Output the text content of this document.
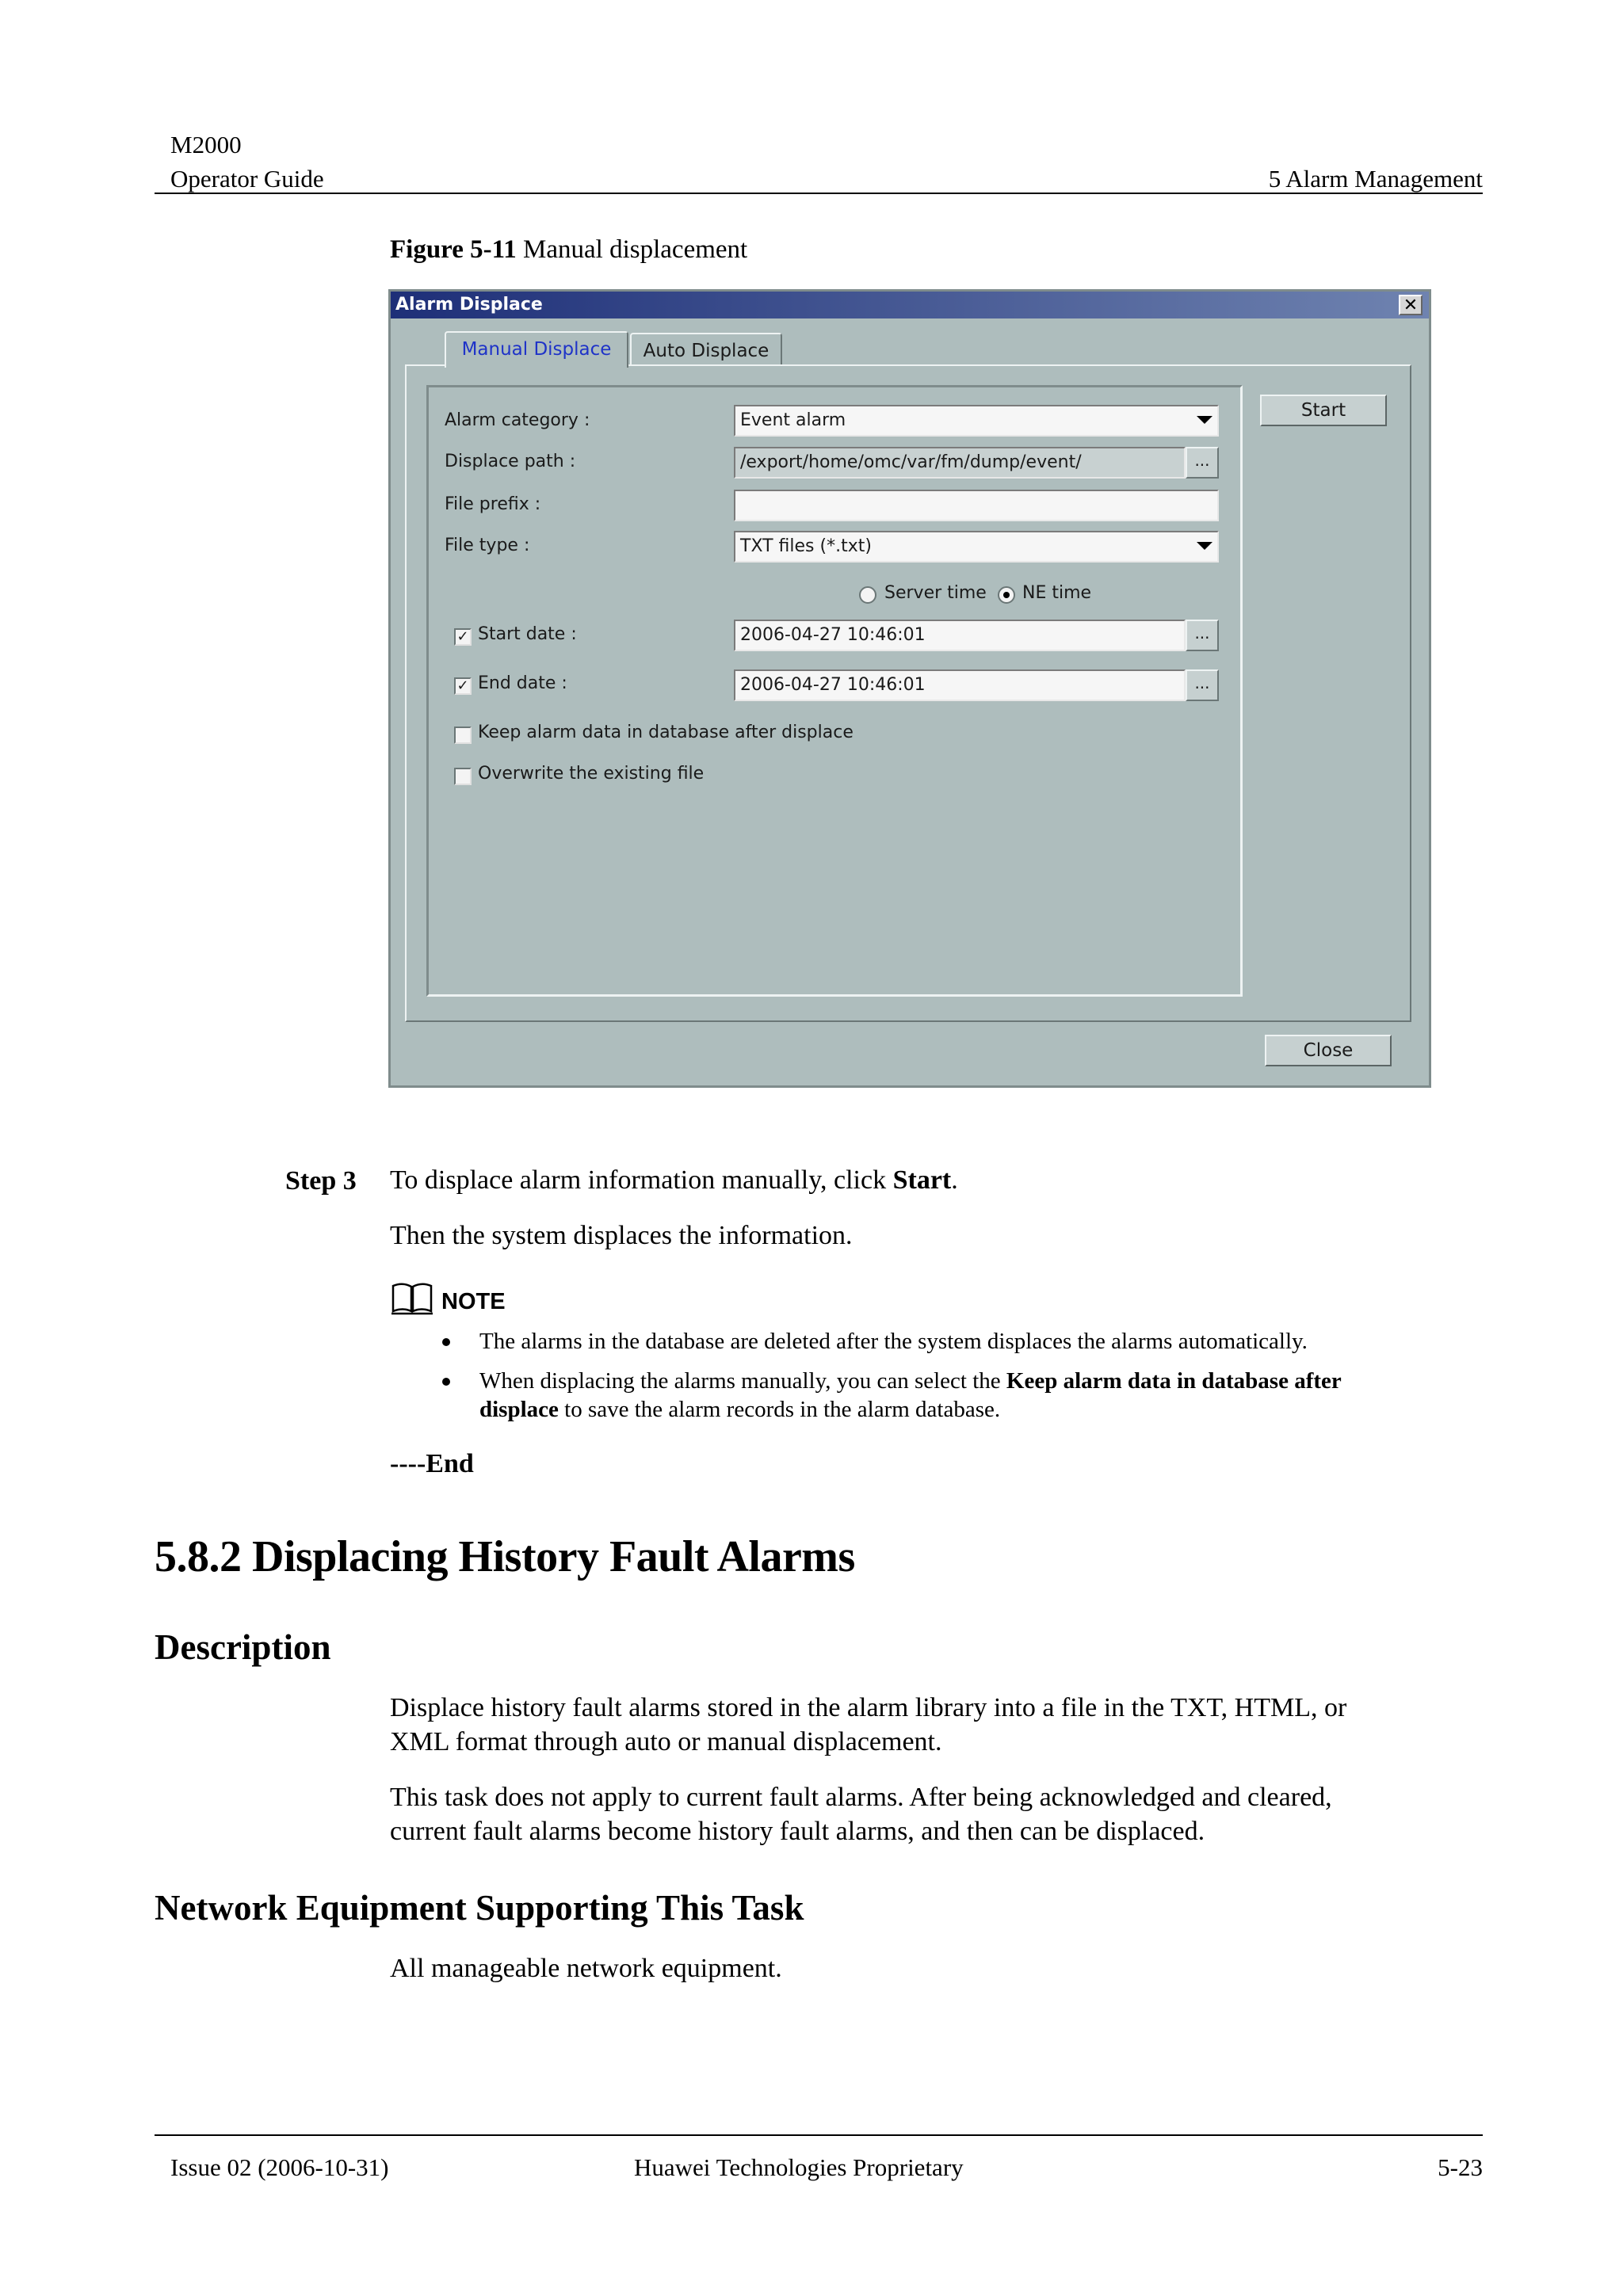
M2000
Operator Guide	5 Alarm Management
Figure 5-11 Manual displacement
Alarm Displace	✕
Manual Displace	Auto Displace
Alarm category :	Event alarm
Displace path :	/export/home/omc/var/fm/dump/event/	...
File prefix :
File type :	TXT files (*.txt)
Server time NE time
✓ Start date :	2006-04-27 10:46:01	...
✓ End date :	2006-04-27 10:46:01	...
Keep alarm data in database after displace
Overwrite the existing file
Start
Close
Step 3 To displace alarm information manually, click Start.
Then the system displaces the information.
NOTE
The alarms in the database are deleted after the system displaces the alarms automatically.
When displacing the alarms manually, you can select the Keep alarm data in database after
displace to save the alarm records in the alarm database.
----End
5.8.2 Displacing History Fault Alarms
Description
Displace history fault alarms stored in the alarm library into a file in the TXT, HTML, or
XML format through auto or manual displacement.
This task does not apply to current fault alarms. After being acknowledged and cleared,
current fault alarms become history fault alarms, and then can be displaced.
Network Equipment Supporting This Task
All manageable network equipment.
Issue 02 (2006-10-31)	Huawei Technologies Proprietary	5-23
